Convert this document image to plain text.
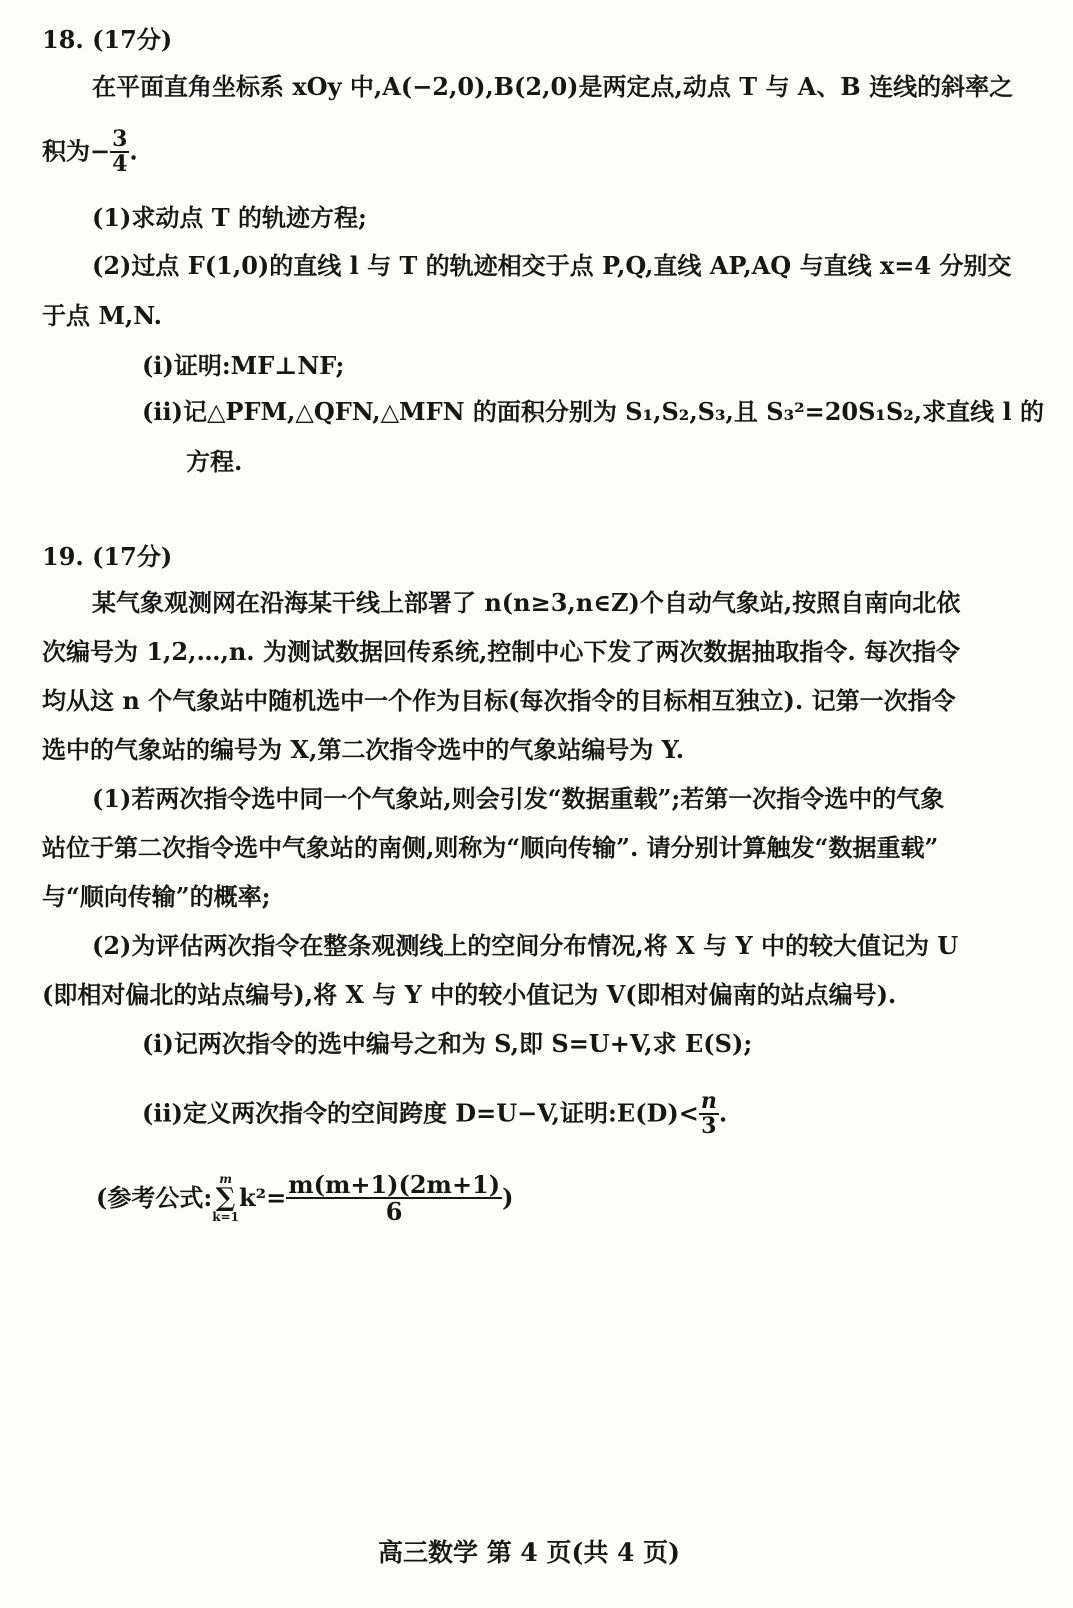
18. (17分)
在平面直角坐标系 xOy 中,A(−2,0),B(2,0)是两定点,动点 T 与 A、B 连线的斜率之
积为− $\frac{3}{4}$ .
(1)求动点 T 的轨迹方程;
(2)过点 F(1,0)的直线 l 与 T 的轨迹相交于点 P,Q,直线 AP,AQ 与直线 x=4 分别交
于点 M,N.
(i)证明:MF⊥NF;
(ii)记△PFM,△QFN,△MFN 的面积分别为 S₁,S₂,S₃,且 S₃²=20S₁S₂,求直线 l 的
方程.
19. (17分)
某气象观测网在沿海某干线上部署了 n(n≥3,n∈Z)个自动气象站,按照自南向北依
次编号为 1,2,…,n. 为测试数据回传系统,控制中心下发了两次数据抽取指令. 每次指令
均从这 n 个气象站中随机选中一个作为目标(每次指令的目标相互独立). 记第一次指令
选中的气象站的编号为 X,第二次指令选中的气象站编号为 Y.
(1)若两次指令选中同一个气象站,则会引发“数据重载”;若第一次指令选中的气象
站位于第二次指令选中气象站的南侧,则称为“顺向传输”. 请分别计算触发“数据重载”
与“顺向传输”的概率;
(2)为评估两次指令在整条观测线上的空间分布情况,将 X 与 Y 中的较大值记为 U
(即相对偏北的站点编号),将 X 与 Y 中的较小值记为 V(即相对偏南的站点编号).
(i)记两次指令的选中编号之和为 S,即 S=U+V,求 E(S);
(ii)定义两次指令的空间跨度 D=U−V,证明:E(D)< $\frac{n}{3}$ .
(参考公式:m
∑
$k=1k^2= \frac{m(m+1)(2m+1)}{6}$ )
高三数学 第 4 页(共 4 页)
